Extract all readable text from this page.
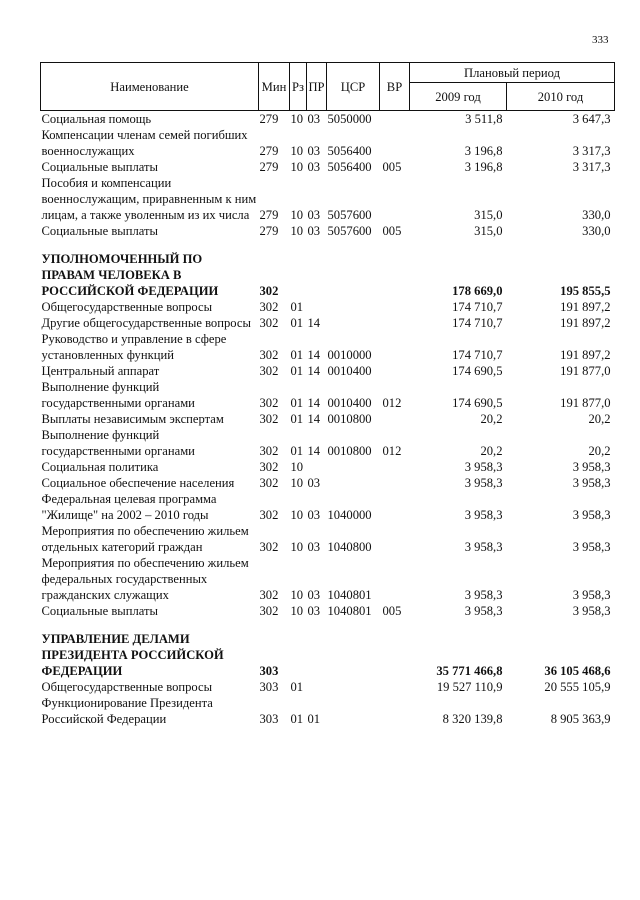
333
Наименование	Мин	Рз	ПР	ЦСР	ВР	Плановый период	
						2009 год	2010 год
Социальная помощь	279	10	03	5050000		3 511,8	3 647,3
Компенсации членам семей погибших военнослужащих	279	10	03	5056400		3 196,8	3 317,3
Социальные выплаты	279	10	03	5056400	005	3 196,8	3 317,3
Пособия и компенсации военнослужащим, приравненным к ним лицам, а также уволенным из их числа	279	10	03	5057600		315,0	330,0
Социальные выплаты	279	10	03	5057600	005	315,0	330,0
УПОЛНОМОЧЕННЫЙ ПО ПРАВАМ ЧЕЛОВЕКА В РОССИЙСКОЙ ФЕДЕРАЦИИ	302					178 669,0	195 855,5
Общегосударственные вопросы	302	01				174 710,7	191 897,2
Другие общегосударственные вопросы	302	01	14			174 710,7	191 897,2
Руководство и управление в сфере установленных функций	302	01	14	0010000		174 710,7	191 897,2
Центральный аппарат	302	01	14	0010400		174 690,5	191 877,0
Выполнение функций государственными органами	302	01	14	0010400	012	174 690,5	191 877,0
Выплаты независимым экспертам	302	01	14	0010800		20,2	20,2
Выполнение функций государственными органами	302	01	14	0010800	012	20,2	20,2
Социальная политика	302	10				3 958,3	3 958,3
Социальное обеспечение населения	302	10	03			3 958,3	3 958,3
Федеральная целевая программа "Жилище" на 2002 – 2010 годы	302	10	03	1040000		3 958,3	3 958,3
Мероприятия по обеспечению жильем отдельных категорий граждан	302	10	03	1040800		3 958,3	3 958,3
Мероприятия по обеспечению жильем федеральных государственных гражданских служащих	302	10	03	1040801		3 958,3	3 958,3
Социальные выплаты	302	10	03	1040801	005	3 958,3	3 958,3
УПРАВЛЕНИЕ ДЕЛАМИ ПРЕЗИДЕНТА РОССИЙСКОЙ ФЕДЕРАЦИИ	303					35 771 466,8	36 105 468,6
Общегосударственные вопросы	303	01				19 527 110,9	20 555 105,9
Функционирование Президента Российской Федерации	303	01	01			8 320 139,8	8 905 363,9
